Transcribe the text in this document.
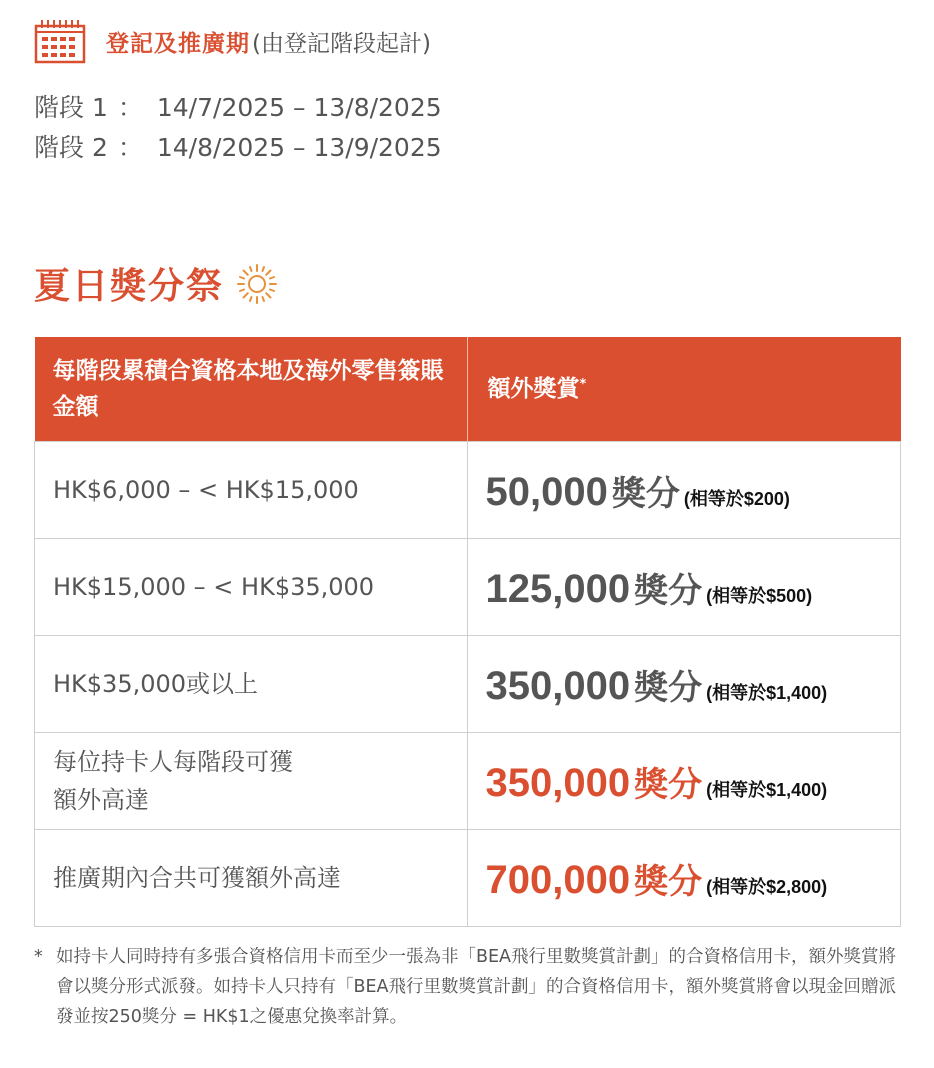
登記及推廣期 (由登記階段起計)
階段 1 ： 14/7/2025 – 13/8/2025
階段 2 ： 14/8/2025 – 13/9/2025
夏日獎分祭
每階段累積合資格本地及海外零售簽賬金額	額外獎賞*
HK$6,000 – < HK$15,000	50,000 獎分 (相等於$200)
HK$15,000 – < HK$35,000	125,000 獎分 (相等於$500)
HK$35,000或以上	350,000 獎分 (相等於$1,400)

每位持卡人每階段可獲額外高達	350,000 獎分 (相等於$1,400)
推廣期內合共可獲額外高達	700,000 獎分 (相等於$2,800)
* 如持卡人同時持有多張合資格信用卡而至少一張為非「BEA飛行里數獎賞計劃」的合資格信用卡，額外獎賞將會以獎分形式派發。如持卡人只持有「BEA飛行里數獎賞計劃」的合資格信用卡，額外獎賞將會以現金回贈派發並按250獎分 = HK$1之優惠兌換率計算。
